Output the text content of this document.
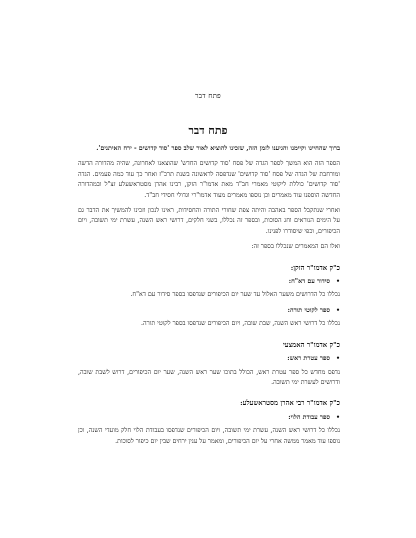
פתח דבר
פתח דבר

ברוך שהחיינו וקיימנו והגיענו לזמן הזה, שזכינו להוציא לאור שלב ספר 'סוד קדושים - ירח האיתנים'.

הספר הזה הוא המשך לספר הגדה של פסח 'סוד קדושים החדש' שהוצאנו לאחרונה, שהיה מהדורה הדשה ומורחבת של הגדה של פסח 'סוד קדושים' שנדפסה לראשונה בשנת תרכ"ז ואחר כך עוד כמה פעמים. הגדה 'סוד קדושים' כוללת ליקוטי מאמרי חב"ד מאת אדמו"ר הזקן, רבינו אהרן מסטראשעלע זצ"ל ובמהדורה החדשה הוספנו עוד מאמרים וכן נוספו מאמרים מעוד אדמו"רי וגדולי חסידי חב"ד.

ואחרי שנתקבל הספר באהבה והיתה צפת שחורי התורה והחסידות, ראינו לנכון וזכינו להמשיך את הדבר גם על הימים הנוראים וחג הסוכות, ובספר זה נכללו, בשני חלקים, דרושי ראש השנה, עשרת ימי תשובה, ויום הכיפורים, וכפי שיסודרו לפנינו.

ואלו הם המאמרים שנכללו בספר זה:

כ"ק אדמו"ר הזקן:
•
סידור עם דא"ח:

נכללו כל הדרושים משער האלול עד שער יום הכיפורים שנדפסו בספר סידור עם דא"ח.

•
ספר לקוטי תורה:

נכללו כל דרושי ראש השנה, שבת שובה, ויום הכיפורים שנדפסו בספר לקוטי תורה.

כ"ק אדמו"ר האמצעי
•
ספר עטרת ראש:

נדפס מחדש כל ספר עטרת ראש, הכולל בתוכו שער ראש השנה, שער יום הכיפורים, דרוש לשבת שובה, ודרושים לעשרת ימי תשובה.

כ"ק אדמו"ר רבי אהרן מסטראשעלע:
•
ספר עבודת הלוי:

נכללו כל דרושי ראש השנה, עשרת ימי תשובה, ויום הכיפורים שנדפסו בעבודת הלוי חלק מועדי השנה, וכן נוספו עוד מאמר ממשה אחרי על יום הכיפורים, ומאמר על ענין ירחים שבין יום כיפור לסוכות.
